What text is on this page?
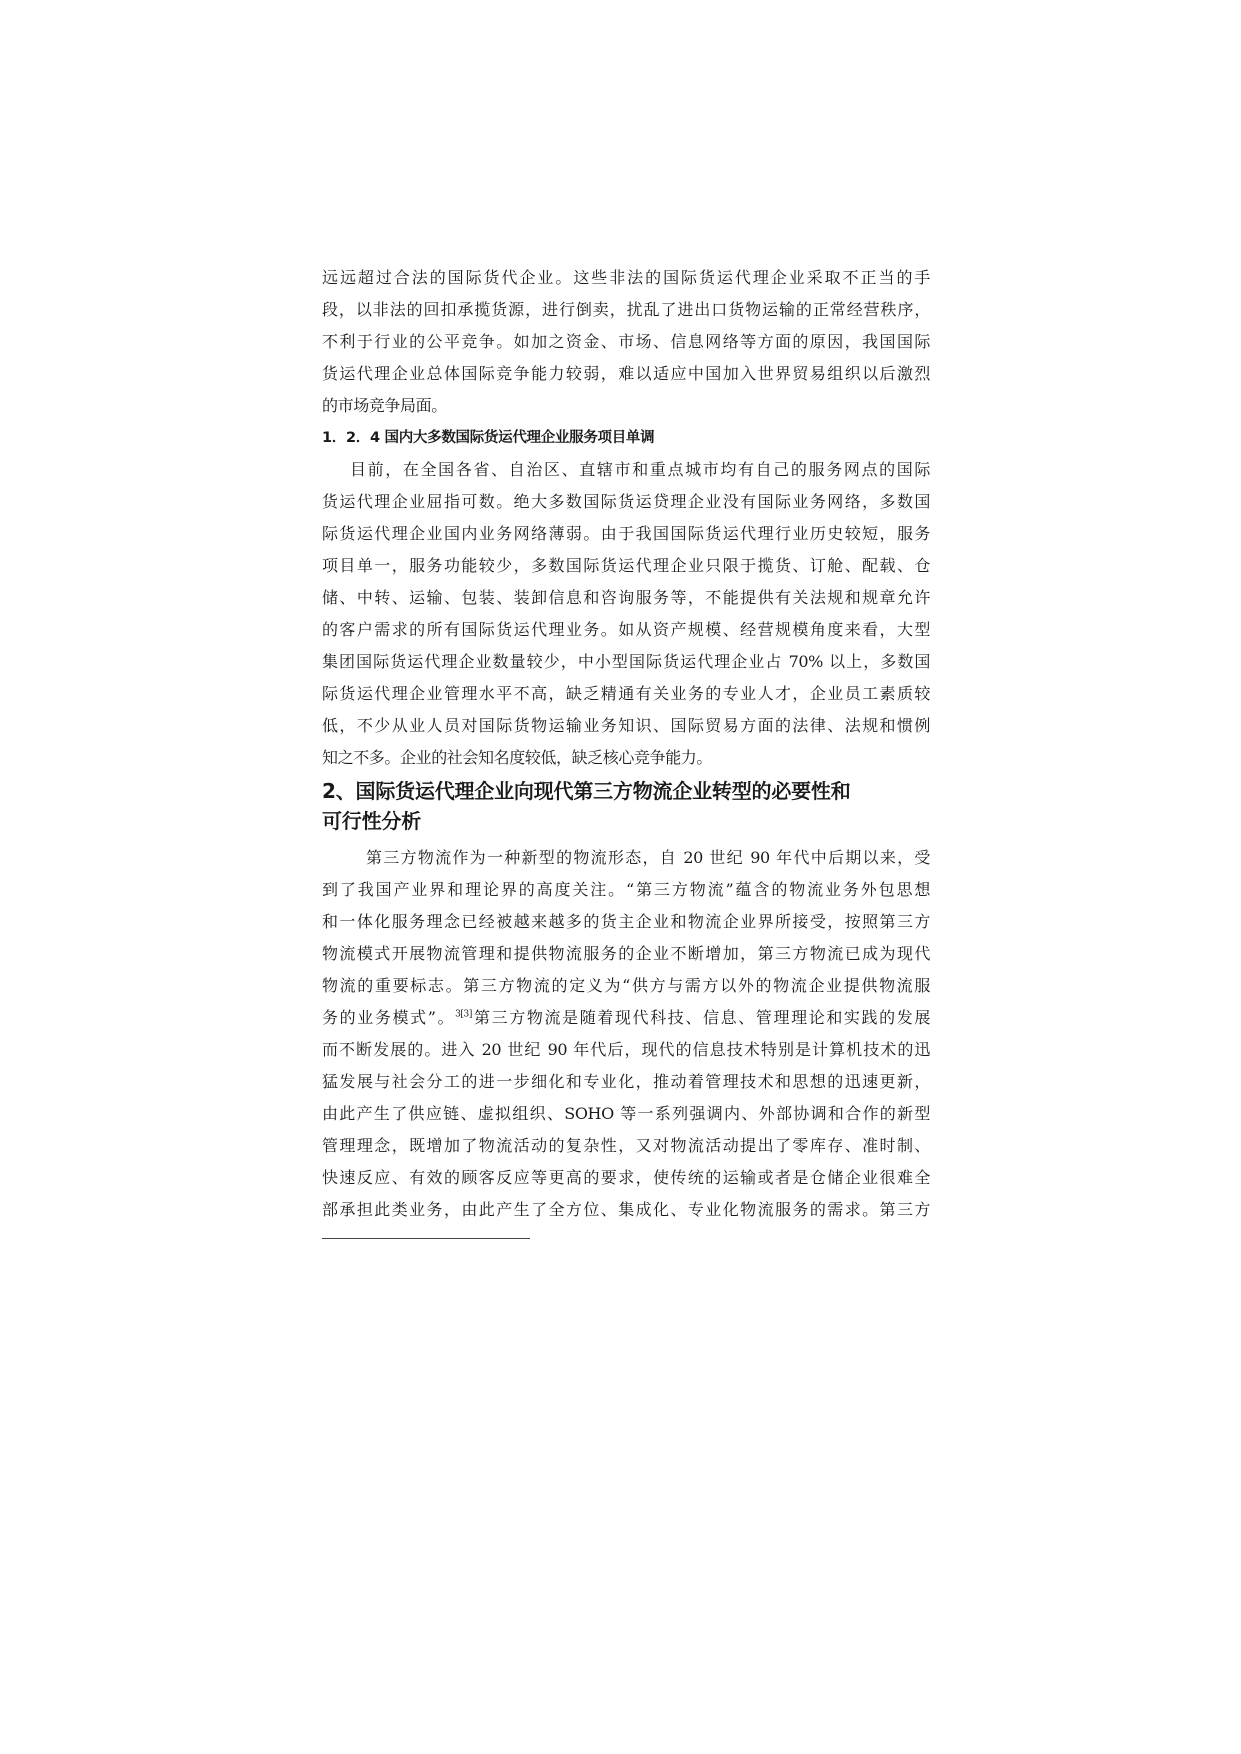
远远超过合法的国际货代企业。这些非法的国际货运代理企业采取不正当的手
段，以非法的回扣承揽货源，进行倒卖，扰乱了进出口货物运输的正常经营秩序，
不利于行业的公平竞争。如加之资金、市场、信息网络等方面的原因，我国国际
货运代理企业总体国际竞争能力较弱，难以适应中国加入世界贸易组织以后激烈
的市场竞争局面。
1．2．4 国内大多数国际货运代理企业服务项目单调
目前，在全国各省、自治区、直辖市和重点城市均有自己的服务网点的国际
货运代理企业屈指可数。绝大多数国际货运贷理企业没有国际业务网络，多数国
际货运代理企业国内业务网络薄弱。由于我国国际货运代理行业历史较短，服务
项目单一，服务功能较少，多数国际货运代理企业只限于揽货、订舱、配载、仓
储、中转、运输、包装、装卸信息和咨询服务等，不能提供有关法规和规章允许
的客户需求的所有国际货运代理业务。如从资产规模、经营规模角度来看，大型
集团国际货运代理企业数量较少，中小型国际货运代理企业占 70% 以上，多数国
际货运代理企业管理水平不高，缺乏精通有关业务的专业人才，企业员工素质较
低，不少从业人员对国际货物运输业务知识、国际贸易方面的法律、法规和惯例
知之不多。企业的社会知名度较低，缺乏核心竞争能力。
2、国际货运代理企业向现代第三方物流企业转型的必要性和
可行性分析
第三方物流作为一种新型的物流形态，自 20 世纪 90 年代中后期以来，受
到了我国产业界和理论界的高度关注。“第三方物流”蕴含的物流业务外包思想
和一体化服务理念已经被越来越多的货主企业和物流企业界所接受，按照第三方
物流模式开展物流管理和提供物流服务的企业不断增加，第三方物流已成为现代
物流的重要标志。第三方物流的定义为“供方与需方以外的物流企业提供物流服
务的业务模式”。$^{3[3]}$第三方物流是随着现代科技、信息、管理理论和实践的发展
而不断发展的。进入 20 世纪 90 年代后，现代的信息技术特别是计算机技术的迅
猛发展与社会分工的进一步细化和专业化，推动着管理技术和思想的迅速更新，
由此产生了供应链、虚拟组织、SOHO 等一系列强调内、外部协调和合作的新型
管理理念，既增加了物流活动的复杂性，又对物流活动提出了零库存、准时制、
快速反应、有效的顾客反应等更高的要求，使传统的运输或者是仓储企业很难全
部承担此类业务，由此产生了全方位、集成化、专业化物流服务的需求。第三方
